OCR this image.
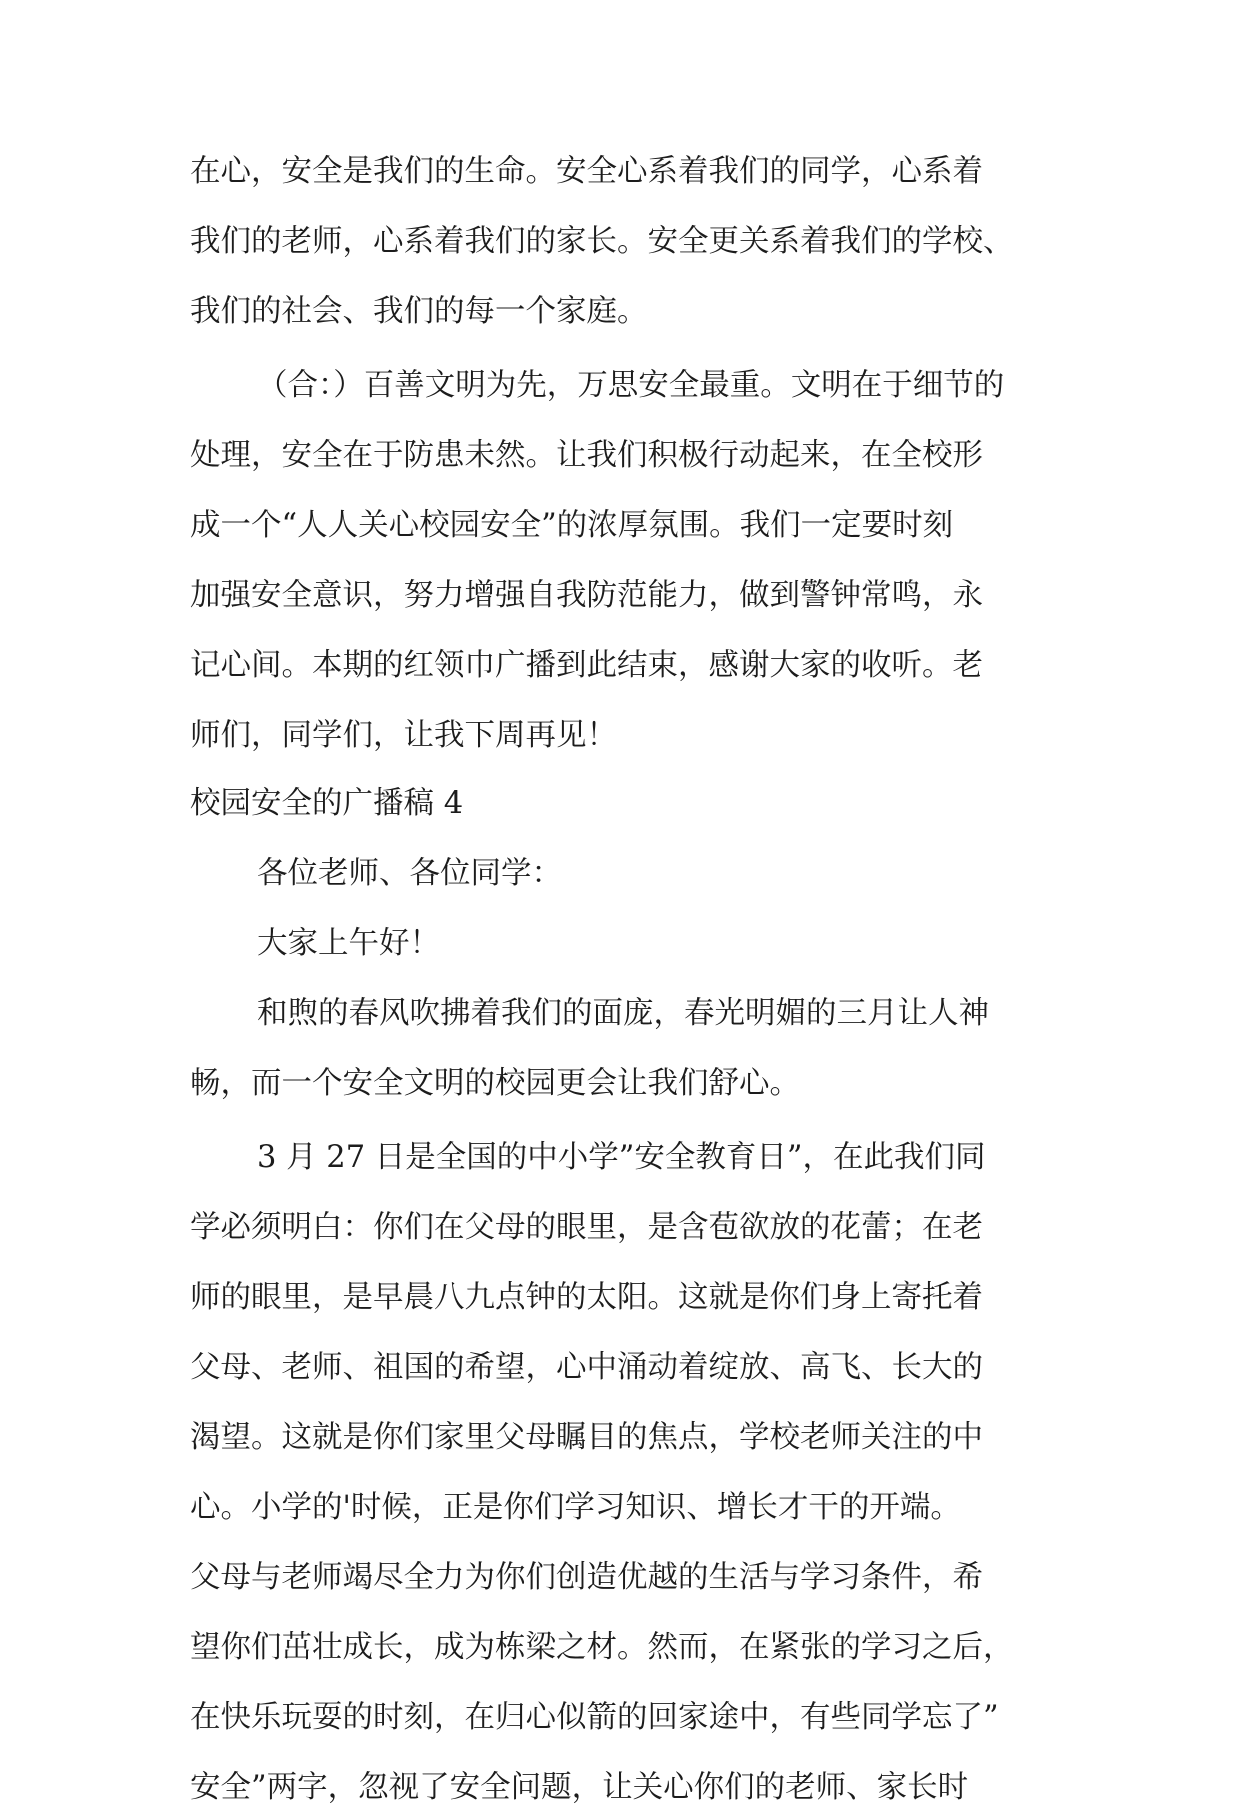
在心，安全是我们的生命。安全心系着我们的同学，心系着
我们的老师，心系着我们的家长。安全更关系着我们的学校、
我们的社会、我们的每一个家庭。
（合：）百善文明为先，万思安全最重。文明在于细节的
处理，安全在于防患未然。让我们积极行动起来，在全校形
成一个“人人关心校园安全”的浓厚氛围。我们一定要时刻
加强安全意识，努力增强自我防范能力，做到警钟常鸣，永
记心间。本期的红领巾广播到此结束，感谢大家的收听。老
师们，同学们，让我下周再见！
校园安全的广播稿 4
各位老师、各位同学：
大家上午好！
和煦的春风吹拂着我们的面庞，春光明媚的三月让人神
畅，而一个安全文明的校园更会让我们舒心。
3 月 27 日是全国的中小学”安全教育日”，在此我们同
学必须明白：你们在父母的眼里，是含苞欲放的花蕾；在老
师的眼里，是早晨八九点钟的太阳。这就是你们身上寄托着
父母、老师、祖国的希望，心中涌动着绽放、高飞、长大的
渴望。这就是你们家里父母瞩目的焦点，学校老师关注的中
心。小学的'时候，正是你们学习知识、增长才干的开端。
父母与老师竭尽全力为你们创造优越的生活与学习条件，希
望你们茁壮成长，成为栋梁之材。然而，在紧张的学习之后，
在快乐玩耍的时刻，在归心似箭的回家途中，有些同学忘了”
安全”两字，忽视了安全问题，让关心你们的老师、家长时
